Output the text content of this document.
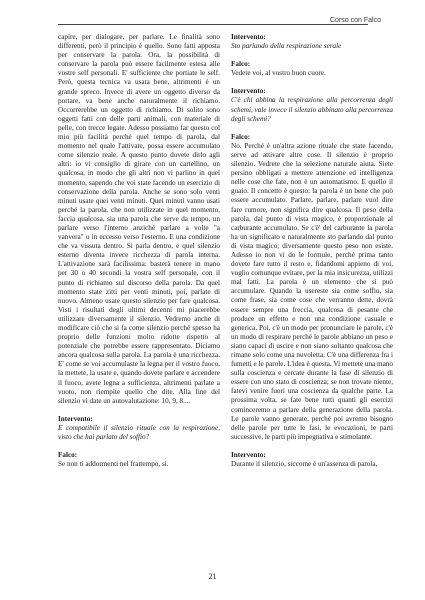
Corso con Falco

capire, per dialogare, per parlare. Le finalità sono differenti, però il principio è quello. Sono fatti apposta per conservare la parola. Ora, la possibilità di conservare la parola può essere facilmente estesa alle vostre self personali. E' sufficiente che portiate le self. Però, questa tecnica va usata bene, altrimenti è un grande spreco. Invece di avere un oggetto diverso da portare, va bene anche naturalmente il richiamo. Occorrerebbe un oggetto di richiamo. Di solito sono oggetti fatti con delle parti animali, con materiale di pelle, con trecce legate. Adesso possiamo far questo col mio più facilità perché quel tempo di parola, dal momento nel quale l'attivate, possa essere accumulato come silenzio reale. A questo punto dovete dirlo agli altri: io vi consiglio di girare con un cartellino, un qualcosa, in modo che gli altri non vi parlino in quel momento, sapendo che voi state facendo un esercizio di conservazione della parola. Anche se sono solo venti minuti usate quei venti minuti. Quei minuti vanno usati perché la parola, che non utilizzate in quel momento, faccia qualcosa, sia una parola che serve da tempo, un parlare verso l'interno anziché parlare a volte "a vanvera" o in eccesso verso l'esterno. E una condizione che va vissuta dentro. Si parla dentro, e quel silenzio esterno diventa invece ricchezza di parola interna. L'attivazione sarà facilissima: basterà tenere in mano per 30 o 40 secondi la vostra self personale, con il punto di richiamo sul discorso della parola. Da quel momento state zitti per venti minuti, poi, parlate di nuovo. Almeno usate questo silenzio per fare qualcosa. Visti i risultati degli ultimi decenni mi piacerebbe utilizzare diversamente il silenzio. Vedremo anche di modificare ciò che si fa come silenzio perché spesso ha proprio delle funzioni molto ridotte rispetto al potenziale che potrebbe essere rappresentato. Diciamo ancora qualcosa sulla parola. La parola è una ricchezza. E' come se voi accumulaste la legna per il vostro fuoco, la mettete, la usate e, quando dovete parlare e accendere il fuoco, avete legna a sufficienza, altrimenti parlate a vuoto, non riempite quello che dite. Alla fine del silenzio vi date un autovalutazione: 10, 9, 8....

Intervento:

E compatibile il silenzio rituale con la respirazione, visto che hai parlato del soffio?

Falco:

Se non ti addormenti nel frattempo, sì.

Intervento:

Sto parlando della respirazione serale

Falco:

Vedete voi, al vostro buon cuore.

Intervento:

C'è chi abbina la respirazione alla percorrenza degli schemi, vale invece il silenzio abbinato alla percorrenza degli schemi?

Falco:

No. Perché è un'altra azione rituale che state facendo, serve ad attivare altre cose. Il silenzio è proprio silenzio. Vedrete che la selezione naturale aiuta. Siete persino obbligati a mettere attenzione ed intelligenza nelle cose che fate, non è un automatismo. E quello il guaio. Il concetto è questo: la parola è un bene che può essere accumulato. Parlare, parlare, parlare vuol dire fare rumore, non significa dire qualcosa. Il peso della parola, dal punto di vista magico, è proporzionale al carburante accumulato. Se c'è' del carburante la parola ha un significato e naturalmente sto parlando dal punto di vista magico; diversamente questo peso non esiste. Adesso io non vi do le formule, perché prima tanto dovete fare tutto il resto e, fidandomi appieno di voi, voglio comunque evitare, per la mia insicurezza, utilizzi mal fatti. La parola è un elemento che si può accumulare. Quando la usereste sia come soffio, sia come frase, sia come cose che verranno dette, dovrà essere sempre una freccia, qualcosa di pesante che produce un effetto e non una condizione casuale e generica. Poi, c'è un modo per pronunciare le parole, c'è un modo di respirare perché le parole abbiano un peso e siano capaci di uscire e non siano soltanto qualcosa che rimane solo come una nuvoletta. C'è una differenza fra i fumetti e le parole. L'idea è questa. Vi mettete una mano sulla coscienza e cercate durante la fase di silenzio di essere con uno stato di coscienza; se non trovate niente, fatevi venire fuori una coscienza da qualche parte. La prossima volta, se fate bene tutti quanti gli esercizi cominceremo a parlare della generazione della parola. Le parole vanno generate, perché poi avremo bisogno delle parole per tutte le fasi, le evocazioni, le parti successive, le parti più impegnativa e stimolante.

Intervento:

Durante il silenzio, siccome è un'assenza di parola,

21
